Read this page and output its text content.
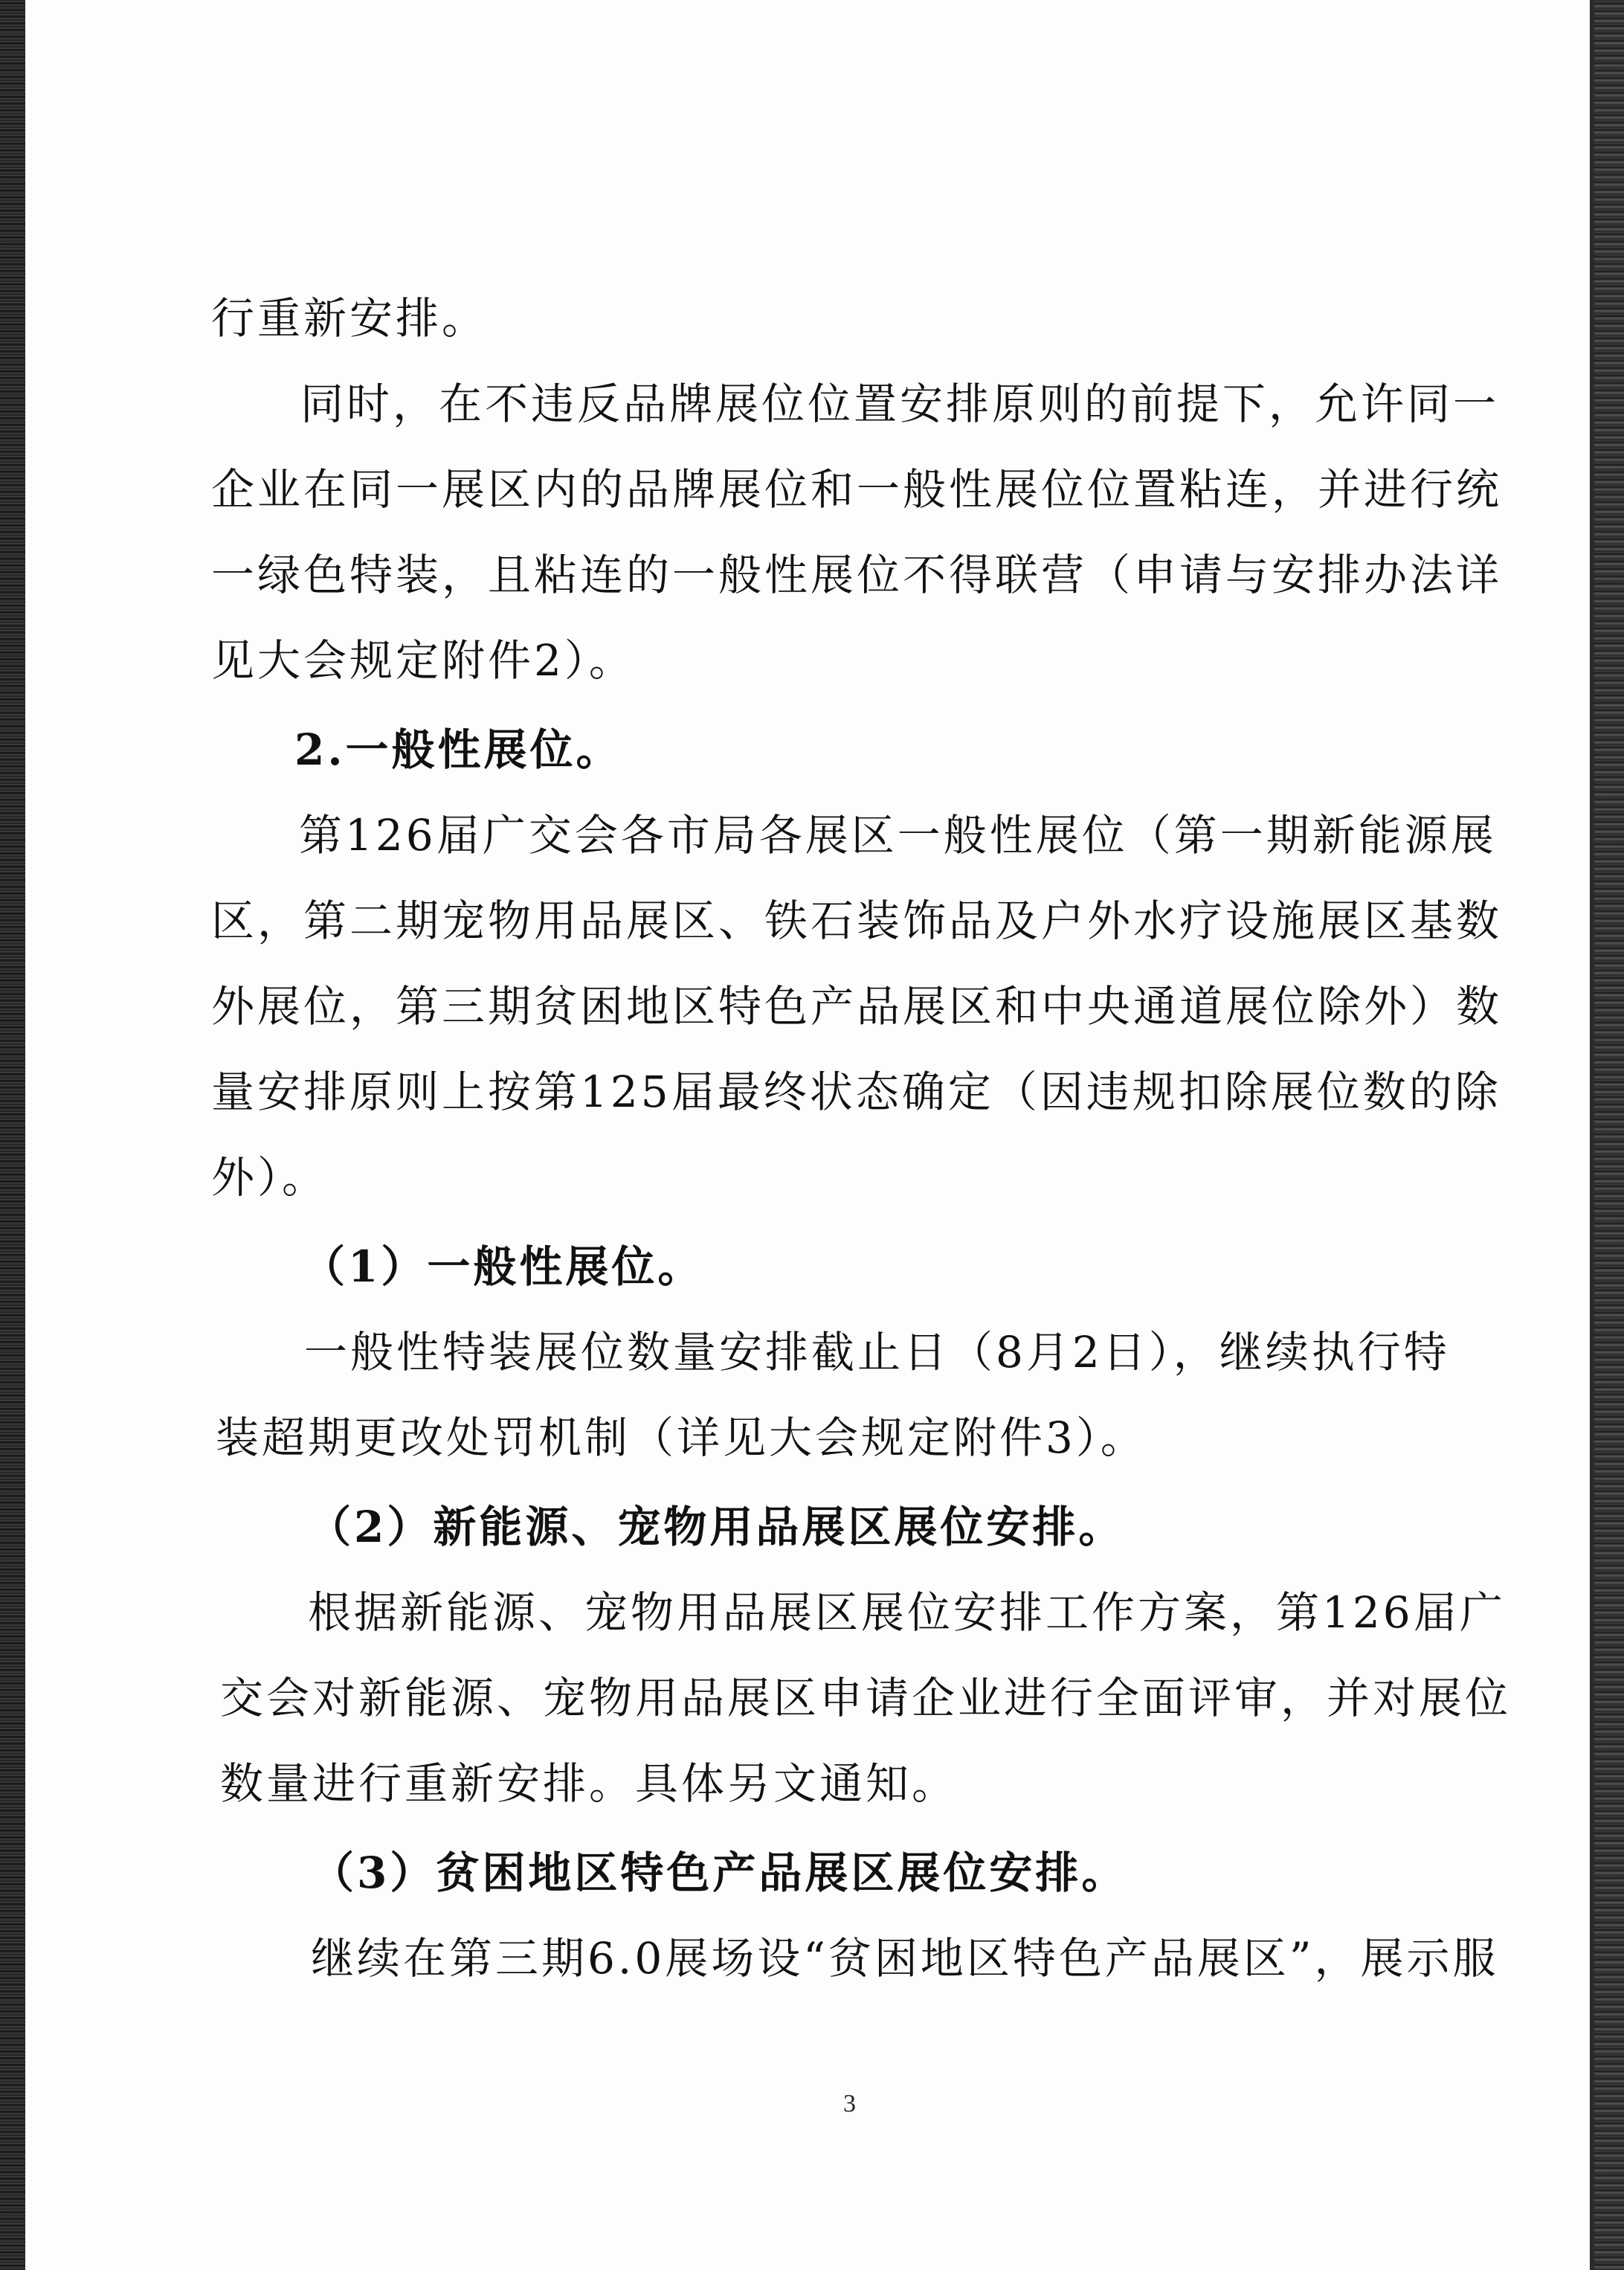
行重新安排。
同时，在不违反品牌展位位置安排原则的前提下，允许同一
企业在同一展区内的品牌展位和一般性展位位置粘连，并进行统
一绿色特装，且粘连的一般性展位不得联营（申请与安排办法详
见大会规定附件2）。
2.一般性展位。
第126届广交会各市局各展区一般性展位（第一期新能源展
区，第二期宠物用品展区、铁石装饰品及户外水疗设施展区基数
外展位，第三期贫困地区特色产品展区和中央通道展位除外）数
量安排原则上按第125届最终状态确定（因违规扣除展位数的除
外）。
（1）一般性展位。
一般性特装展位数量安排截止日（8月2日），继续执行特
装超期更改处罚机制（详见大会规定附件3）。
（2）新能源、宠物用品展区展位安排。
根据新能源、宠物用品展区展位安排工作方案，第126届广
交会对新能源、宠物用品展区申请企业进行全面评审，并对展位
数量进行重新安排。具体另文通知。
（3）贫困地区特色产品展区展位安排。
继续在第三期6.0展场设“贫困地区特色产品展区”，展示服
3
